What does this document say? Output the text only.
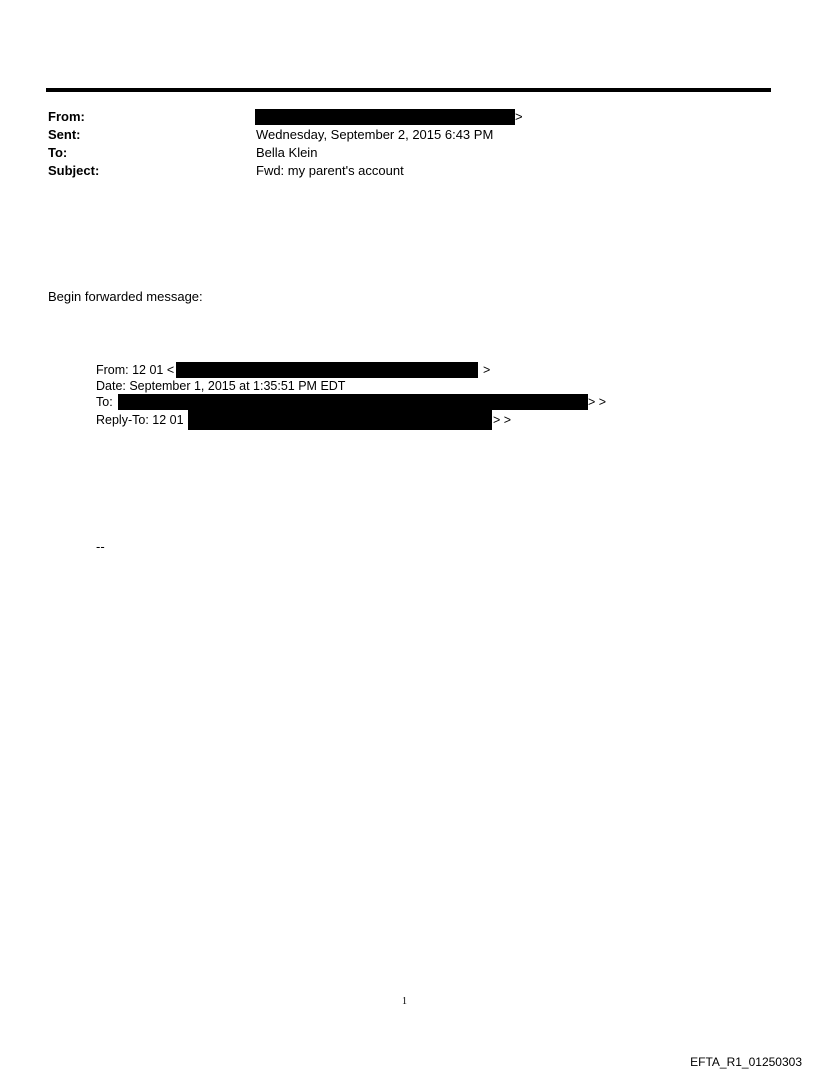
From:	>
Sent:	Wednesday, September 2, 2015 6:43 PM
To:	Bella Klein
Subject:	Fwd: my parent's account
Begin forwarded message:
From: 12 01 <	>
Date: September 1, 2015 at 1:35:51 PM EDT
To:	> >
Reply-To: 12 01	> >
--
1
EFTA_R1_01250303
